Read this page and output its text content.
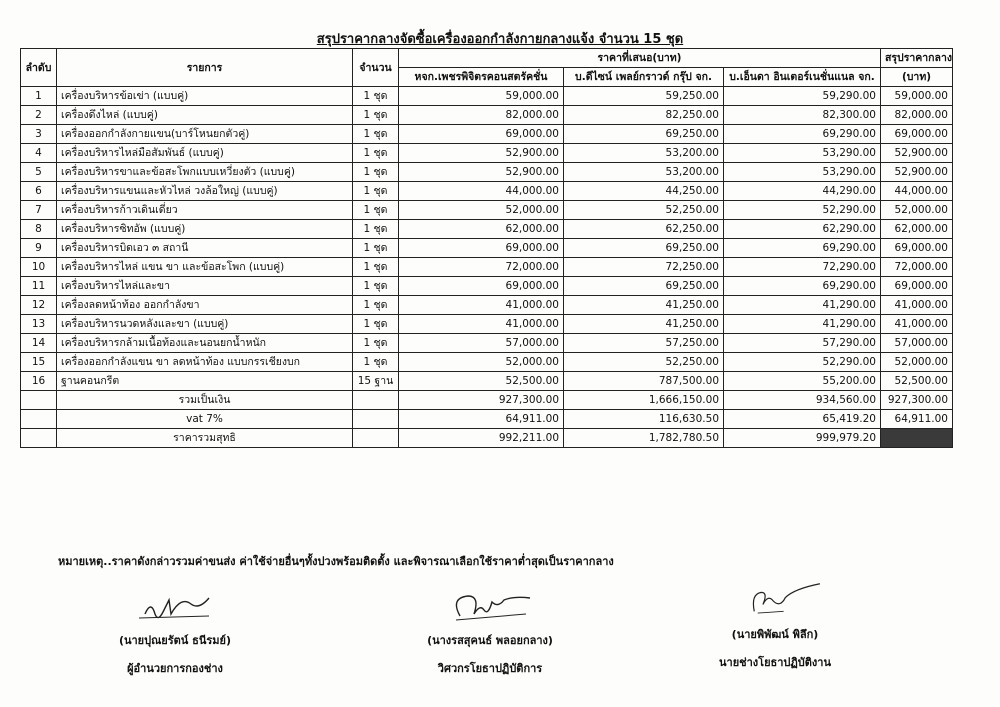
สรุปราคากลางจัดซื้อเครื่องออกกำลังกายกลางแจ้ง จำนวน 15 ชุด
ลำดับ	รายการ	จำนวน	ราคาที่เสนอ(บาท)			สรุปราคากลาง
			หจก.เพชรพิจิตรคอนสตรัคชั่น	บ.ดีไซน์ เพลย์กราวด์ กรุ๊ป จก.	บ.เอ็นดา อินเตอร์เนชั่นแนล จก.	(บาท)
1	เครื่องบริหารข้อเข่า (แบบคู่)	1 ชุด	59,000.00	59,250.00	59,290.00	59,000.00
2	เครื่องดึงไหล่ (แบบคู่)	1 ชุด	82,000.00	82,250.00	82,300.00	82,000.00
3	เครื่องออกกำลังกายแขน(บาร์โหนยกตัวคู่)	1 ชุด	69,000.00	69,250.00	69,290.00	69,000.00
4	เครื่องบริหารไหล่มือสัมพันธ์ (แบบคู่)	1 ชุด	52,900.00	53,200.00	53,290.00	52,900.00
5	เครื่องบริหารขาและข้อสะโพกแบบเหวี่ยงตัว (แบบคู่)	1 ชุด	52,900.00	53,200.00	53,290.00	52,900.00
6	เครื่องบริหารแขนและหัวไหล่ วงล้อใหญ่ (แบบคู่)	1 ชุด	44,000.00	44,250.00	44,290.00	44,000.00
7	เครื่องบริหารก้าวเดินเดี่ยว	1 ชุด	52,000.00	52,250.00	52,290.00	52,000.00
8	เครื่องบริหารซิทอัพ (แบบคู่)	1 ชุด	62,000.00	62,250.00	62,290.00	62,000.00
9	เครื่องบริหารบิดเอว ๓ สถานี	1 ชุด	69,000.00	69,250.00	69,290.00	69,000.00
10	เครื่องบริหารไหล่ แขน ขา และข้อสะโพก (แบบคู่)	1 ชุด	72,000.00	72,250.00	72,290.00	72,000.00
11	เครื่องบริหารไหล่และขา	1 ชุด	69,000.00	69,250.00	69,290.00	69,000.00
12	เครื่องลดหน้าท้อง ออกกำลังขา	1 ชุด	41,000.00	41,250.00	41,290.00	41,000.00
13	เครื่องบริหารนวดหลังและขา (แบบคู่)	1 ชุด	41,000.00	41,250.00	41,290.00	41,000.00
14	เครื่องบริหารกล้ามเนื้อท้องและนอนยกน้ำหนัก	1 ชุด	57,000.00	57,250.00	57,290.00	57,000.00
15	เครื่องออกกำลังแขน ขา ลดหน้าท้อง แบบกรรเชียงบก	1 ชุด	52,000.00	52,250.00	52,290.00	52,000.00
16	ฐานคอนกรีต	15 ฐาน	52,500.00	787,500.00	55,200.00	52,500.00
	รวมเป็นเงิน		927,300.00	1,666,150.00	934,560.00	927,300.00
	vat 7%		64,911.00	116,630.50	65,419.20	64,911.00
	ราคารวมสุทธิ		992,211.00	1,782,780.50	999,979.20	
หมายเหตุ..ราคาดังกล่าวรวมค่าขนส่ง ค่าใช้จ่ายอื่นๆทั้งปวงพร้อมติดตั้ง และพิจารณาเลือกใช้ราคาต่ำสุดเป็นราคากลาง
(นายปุณยรัตน์ ธนีรมย์)
ผู้อำนวยการกองช่าง
(นางรสสุคนธ์ พลอยกลาง)
วิศวกรโยธาปฏิบัติการ
(นายพิพัฒน์ พิลึก)
นายช่างโยธาปฏิบัติงาน
